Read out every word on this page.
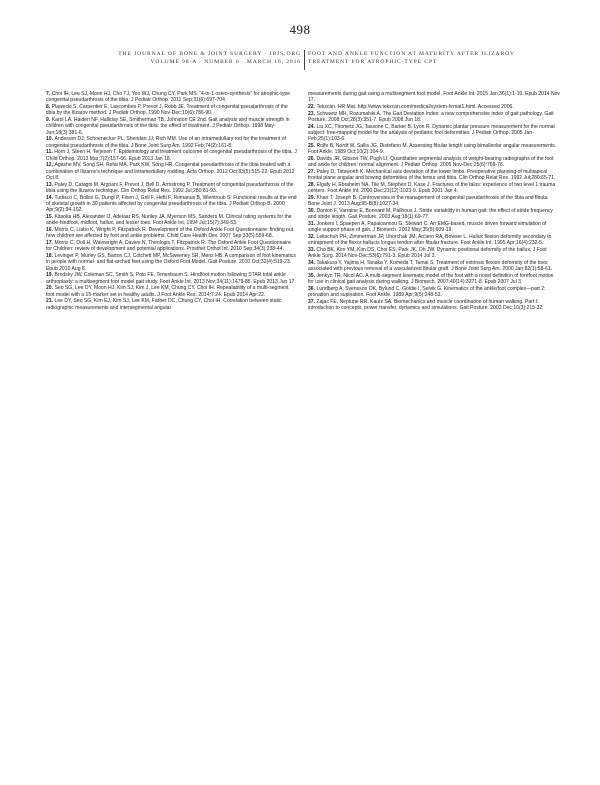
498
THE JOURNAL OF BONE & JOINT SURGERY · JBJS.ORG
VOLUME 98-A · NUMBER 6 · MARCH 16, 2016
FOOT AND ANKLE FUNCTION AT MATURITY AFTER ILIZAROV
TREATMENT FOR ATROPHIC-TYPE CPT
7. Choi IH, Lee SJ, Moon HJ, Cho TJ, Yoo WJ, Chung CY, Park MS. “4-in-1 osteo-synthesis” for atrophic-type congenital pseudarthrosis of the tibia. J Pediatr Orthop. 2011 Sep;31(6):697-704.
8. Plawecki S, Carpentier E, Lascombes P, Prevot J, Robb JE. Treatment of congenital pseudarthrosis of the tibia by the Ilizarov method. J Pediatr Orthop. 1990 Nov-Dec;10(6):786-90.
9. Karol LA, Haideri NF, Halliday SE, Smitherman TB, Johnston CE 2nd. Gait analysis and muscle strength in children with congenital pseudarthrosis of the tibia: the effect of treatment. J Pediatr Orthop. 1998 May-Jun;18(3):381-6.
10. Anderson DJ, Schoenecker PL, Sheridan JJ, Rich MM. Use of an intramedullary rod for the treatment of congenital pseudarthrosis of the tibia. J Bone Joint Surg Am. 1992 Feb;74(2):161-8.
11. Horn J, Steen H, Terjesen T. Epidemiology and treatment outcome of congenital pseudarthrosis of the tibia. J Child Orthop. 2013 Mar;7(2):157-66. Epub 2013 Jan 18.
12. Agashe MV, Song SH, Refai MA, Park KW, Song HR. Congenital pseudarthrosis of the tibia treated with a combination of Ilizarov’s technique and intramedullary rodding. Acta Orthop. 2012 Oct;83(5):515-22. Epub 2012 Oct 8.
13. Paley D, Catagni M, Argnani F, Prevot J, Bell D, Armstrong P. Treatment of congenital pseudarthrosis of the tibia using the Ilizarov technique. Clin Orthop Relat Res. 1992 Jul;280:81-93.
14. Tudisco C, Bollini G, Dungl P, Fixen J, Grill F, Hefti F, Romanus B, Wientroub S. Functional results at the end of skeletal growth in 30 patients affected by congenital pseudarthrosis of the tibia. J Pediatr Orthop B. 2000 Apr;9(2):94-102.
15. Kitaoka HB, Alexander IJ, Adelaar RS, Nunley JA, Myerson MS, Sanders M. Clinical rating systems for the ankle-hindfoot, midfoot, hallux, and lesser toes. Foot Ankle Int. 1994 Jul;15(7):349-53.
16. Morris C, Liabo K, Wright P, Fitzpatrick R. Development of the Oxford Ankle Foot Questionnaire: finding out how children are affected by foot and ankle problems. Child Care Health Dev. 2007 Sep;33(5):559-68.
17. Morris C, Doll H, Wainwright A, Davies N, Theologis T, Fitzpatrick R. The Oxford Ankle Foot Questionnaire for Children: review of development and potential applications. Prosthet Orthot Int. 2010 Sep;34(3):238-44.
18. Levinger P, Murley GS, Barton CJ, Cotchett MP, McSweeney SR, Menz HB. A comparison of foot kinematics in people with normal- and flat-arched feet using the Oxford Foot Model. Gait Posture. 2010 Oct;32(4):519-23. Epub 2010 Aug 8.
19. Brodsky JW, Coleman SC, Smith S, Polo FE, Tenenbaum S. Hindfoot motion following STAR total ankle arthroplasty: a multisegment foot model gait study. Foot Ankle Int. 2013 Nov;34(11):1479-85. Epub 2013 Jun 17.
20. Seo SG, Lee DY, Moon HJ, Kim SJ, Kim J, Lee KM, Chung CY, Choi IH. Repeatability of a multi-segment foot model with a 15-marker set in healthy adults. J Foot Ankle Res. 2014;7:24. Epub 2014 Apr 22.
21. Lee DY, Seo SG, Kim EJ, Kim SJ, Lee KM, Farber DC, Chung CY, Choi IH. Correlation between static radiographic measurements and intersegmental angular
measurements during gait using a multisegment foot model. Foot Ankle Int. 2015 Jan;36(1):1-10. Epub 2014 Nov 17.
22. Tekscan. HR Mat. http://www.tekscan.com/medical/system-hrmat1.html. Accessed 2006.
23. Schwartz MH, Rozumalski A. The Gait Deviation Index: a new comprehensive index of gait pathology. Gait Posture. 2008 Oct;28(3):351-7. Epub 2008 Jun 18.
24. Liu XC, Thometz JG, Tassone C, Barker B, Lyon R. Dynamic plantar pressure measurement for the normal subject: free-mapping model for the analysis of pediatric foot deformities. J Pediatr Orthop. 2005 Jan-Feb;25(1):103-6.
25. Rolfe B, Nordt W, Sallis JG, Distefano M. Assessing fibular length using bimalleolar angular measurements. Foot Ankle. 1989 Oct;10(2):104-9.
26. Davids JR, Gibson TW, Pugh LI. Quantitative segmental analysis of weight-bearing radiographs of the foot and ankle for children: normal alignment. J Pediatr Orthop. 2005 Nov-Dec;25(6):769-76.
27. Paley D, Tetsworth K. Mechanical axis deviation of the lower limbs. Preoperative planning of multiapical frontal plane angular and bowing deformities of the femur and tibia. Clin Orthop Relat Res. 1992 Jul;280:65-71.
28. Elgafy H, Ebraheim NA, Tile M, Stephen D, Kase J. Fractures of the talus: experience of two level 1 trauma centers. Foot Ankle Int. 2000 Dec;21(12):1023-9. Epub 2001 Jan 4.
29. Khan T, Joseph B. Controversies in the management of congenital pseudarthrosis of the tibia and fibula. Bone Joint J. 2013 Aug;95-B(8):1027-34.
30. Danion F, Varraine E, Bonnard M, Pailhous J. Stride variability in human gait: the effect of stride frequency and stride length. Gait Posture. 2003 Aug;18(1):69-77.
31. Jonkers I, Spaepen A, Papaioannou G, Stewart C. An EMG-based, muscle driven forward simulation of single support phase of gait. J Biomech. 2002 May;35(5):609-19.
32. Leitschuh PH, Zimmerman JP, Uhorchak JM, Arciero RA, Bowser L. Hallux flexion deformity secondary to entrapment of the flexor hallucis longus tendon after fibular fracture. Foot Ankle Int. 1995 Apr;16(4):232-5.
33. Cho BK, Kim YM, Kim DS, Choi ES, Park JK, Oh JW. Dynamic positional deformity of the hallux. J Foot Ankle Surg. 2014 Nov-Dec;53(6):791-3. Epub 2014 Jul 3.
34. Takakura Y, Yajima H, Tanaka Y, Komeda T, Tamai S. Treatment of extrinsic flexion deformity of the toes associated with previous removal of a vascularized fibular graft. J Bone Joint Surg Am. 2000 Jan;82(1):58-61.
35. Jenkyn TR, Nicol AC. A multi-segment kinematic model of the foot with a novel definition of forefoot motion for use in clinical gait analysis during walking. J Biomech. 2007;40(14):3271-8. Epub 2007 Jul 3.
36. Lundberg A, Svensson OK, Bylund C, Goldie I, Selvik G. Kinematics of the ankle/foot complex—part 2: pronation and supination. Foot Ankle. 1989 Apr;9(5):248-53.
37. Zajac FE, Neptune RR, Kautz SA. Biomechanics and muscle coordination of human walking. Part I: introduction to concepts, power transfer, dynamics and simulations. Gait Posture. 2002 Dec;16(3):215-32.
